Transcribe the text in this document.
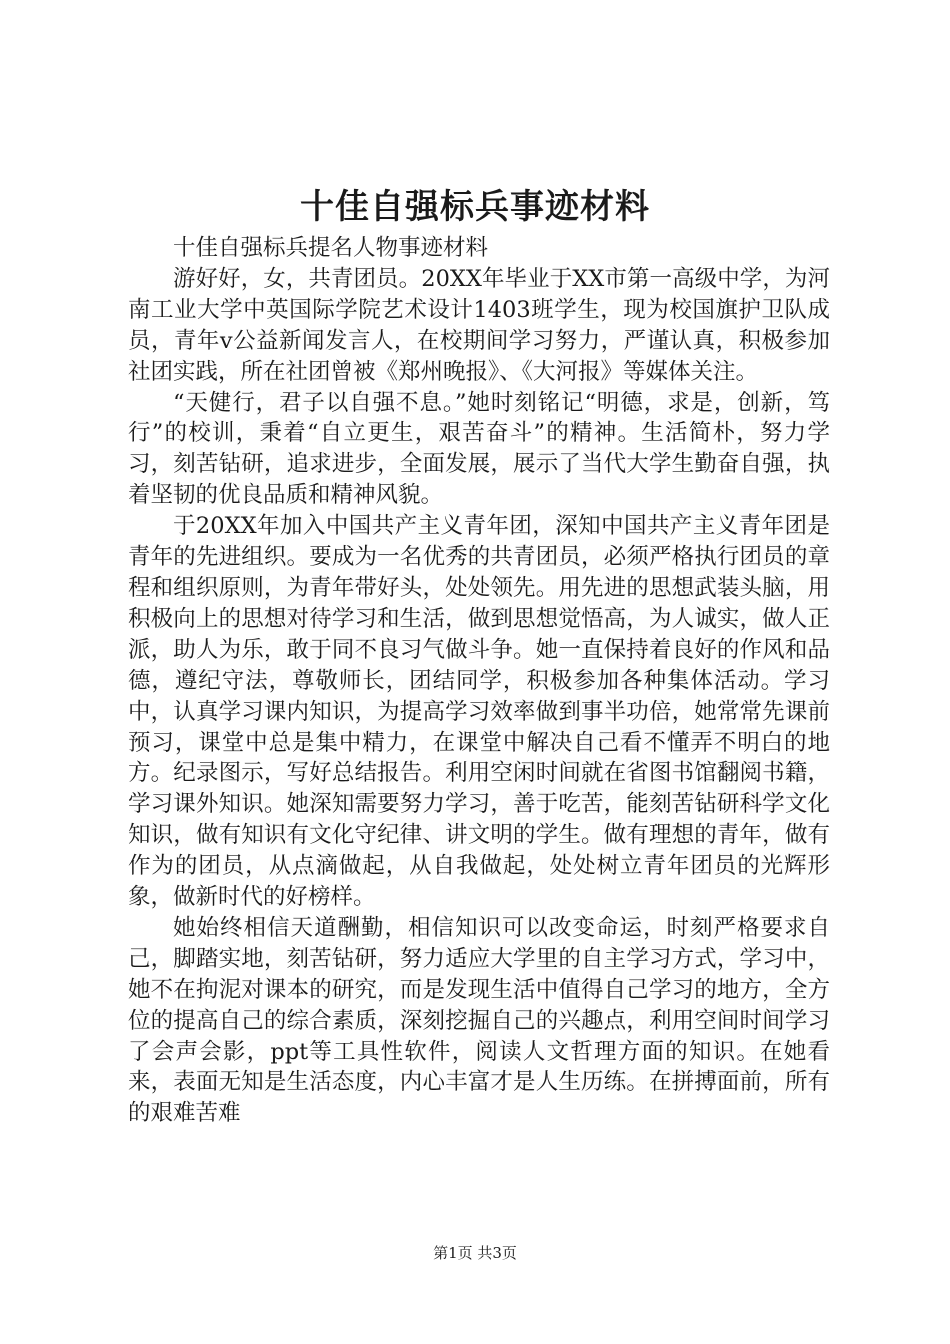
十佳自强标兵事迹材料

十佳自强标兵提名人物事迹材料

游好好，女，共青团员。20XX年毕业于XX市第一高级中学，为河南工业大学中英国际学院艺术设计1403班学生，现为校国旗护卫队成员，青年v公益新闻发言人，在校期间学习努力，严谨认真，积极参加社团实践，所在社团曾被《郑州晚报》、《大河报》等媒体关注。

“天健行，君子以自强不息。”她时刻铭记“明德，求是，创新，笃行”的校训，秉着“自立更生，艰苦奋斗”的精神。生活简朴，努力学习，刻苦钻研，追求进步，全面发展，展示了当代大学生勤奋自强，执着坚韧的优良品质和精神风貌。

于20XX年加入中国共产主义青年团，深知中国共产主义青年团是青年的先进组织。要成为一名优秀的共青团员，必须严格执行团员的章程和组织原则，为青年带好头，处处领先。用先进的思想武装头脑，用积极向上的思想对待学习和生活，做到思想觉悟高，为人诚实，做人正派，助人为乐，敢于同不良习气做斗争。她一直保持着良好的作风和品德，遵纪守法，尊敬师长，团结同学，积极参加各种集体活动。学习中，认真学习课内知识，为提高学习效率做到事半功倍，她常常先课前预习，课堂中总是集中精力，在课堂中解决自己看不懂弄不明白的地方。纪录图示，写好总结报告。利用空闲时间就在省图书馆翻阅书籍，学习课外知识。她深知需要努力学习，善于吃苦，能刻苦钻研科学文化知识，做有知识有文化守纪律、讲文明的学生。做有理想的青年，做有作为的团员，从点滴做起，从自我做起，处处树立青年团员的光辉形象，做新时代的好榜样。

她始终相信天道酬勤，相信知识可以改变命运，时刻严格要求自己，脚踏实地，刻苦钻研，努力适应大学里的自主学习方式，学习中，她不在拘泥对课本的研究，而是发现生活中值得自己学习的地方，全方位的提高自己的综合素质，深刻挖掘自己的兴趣点，利用空间时间学习了会声会影，ppt等工具性软件，阅读人文哲理方面的知识。在她看来，表面无知是生活态度，内心丰富才是人生历练。在拼搏面前，所有的艰难苦难

第1页 共3页
